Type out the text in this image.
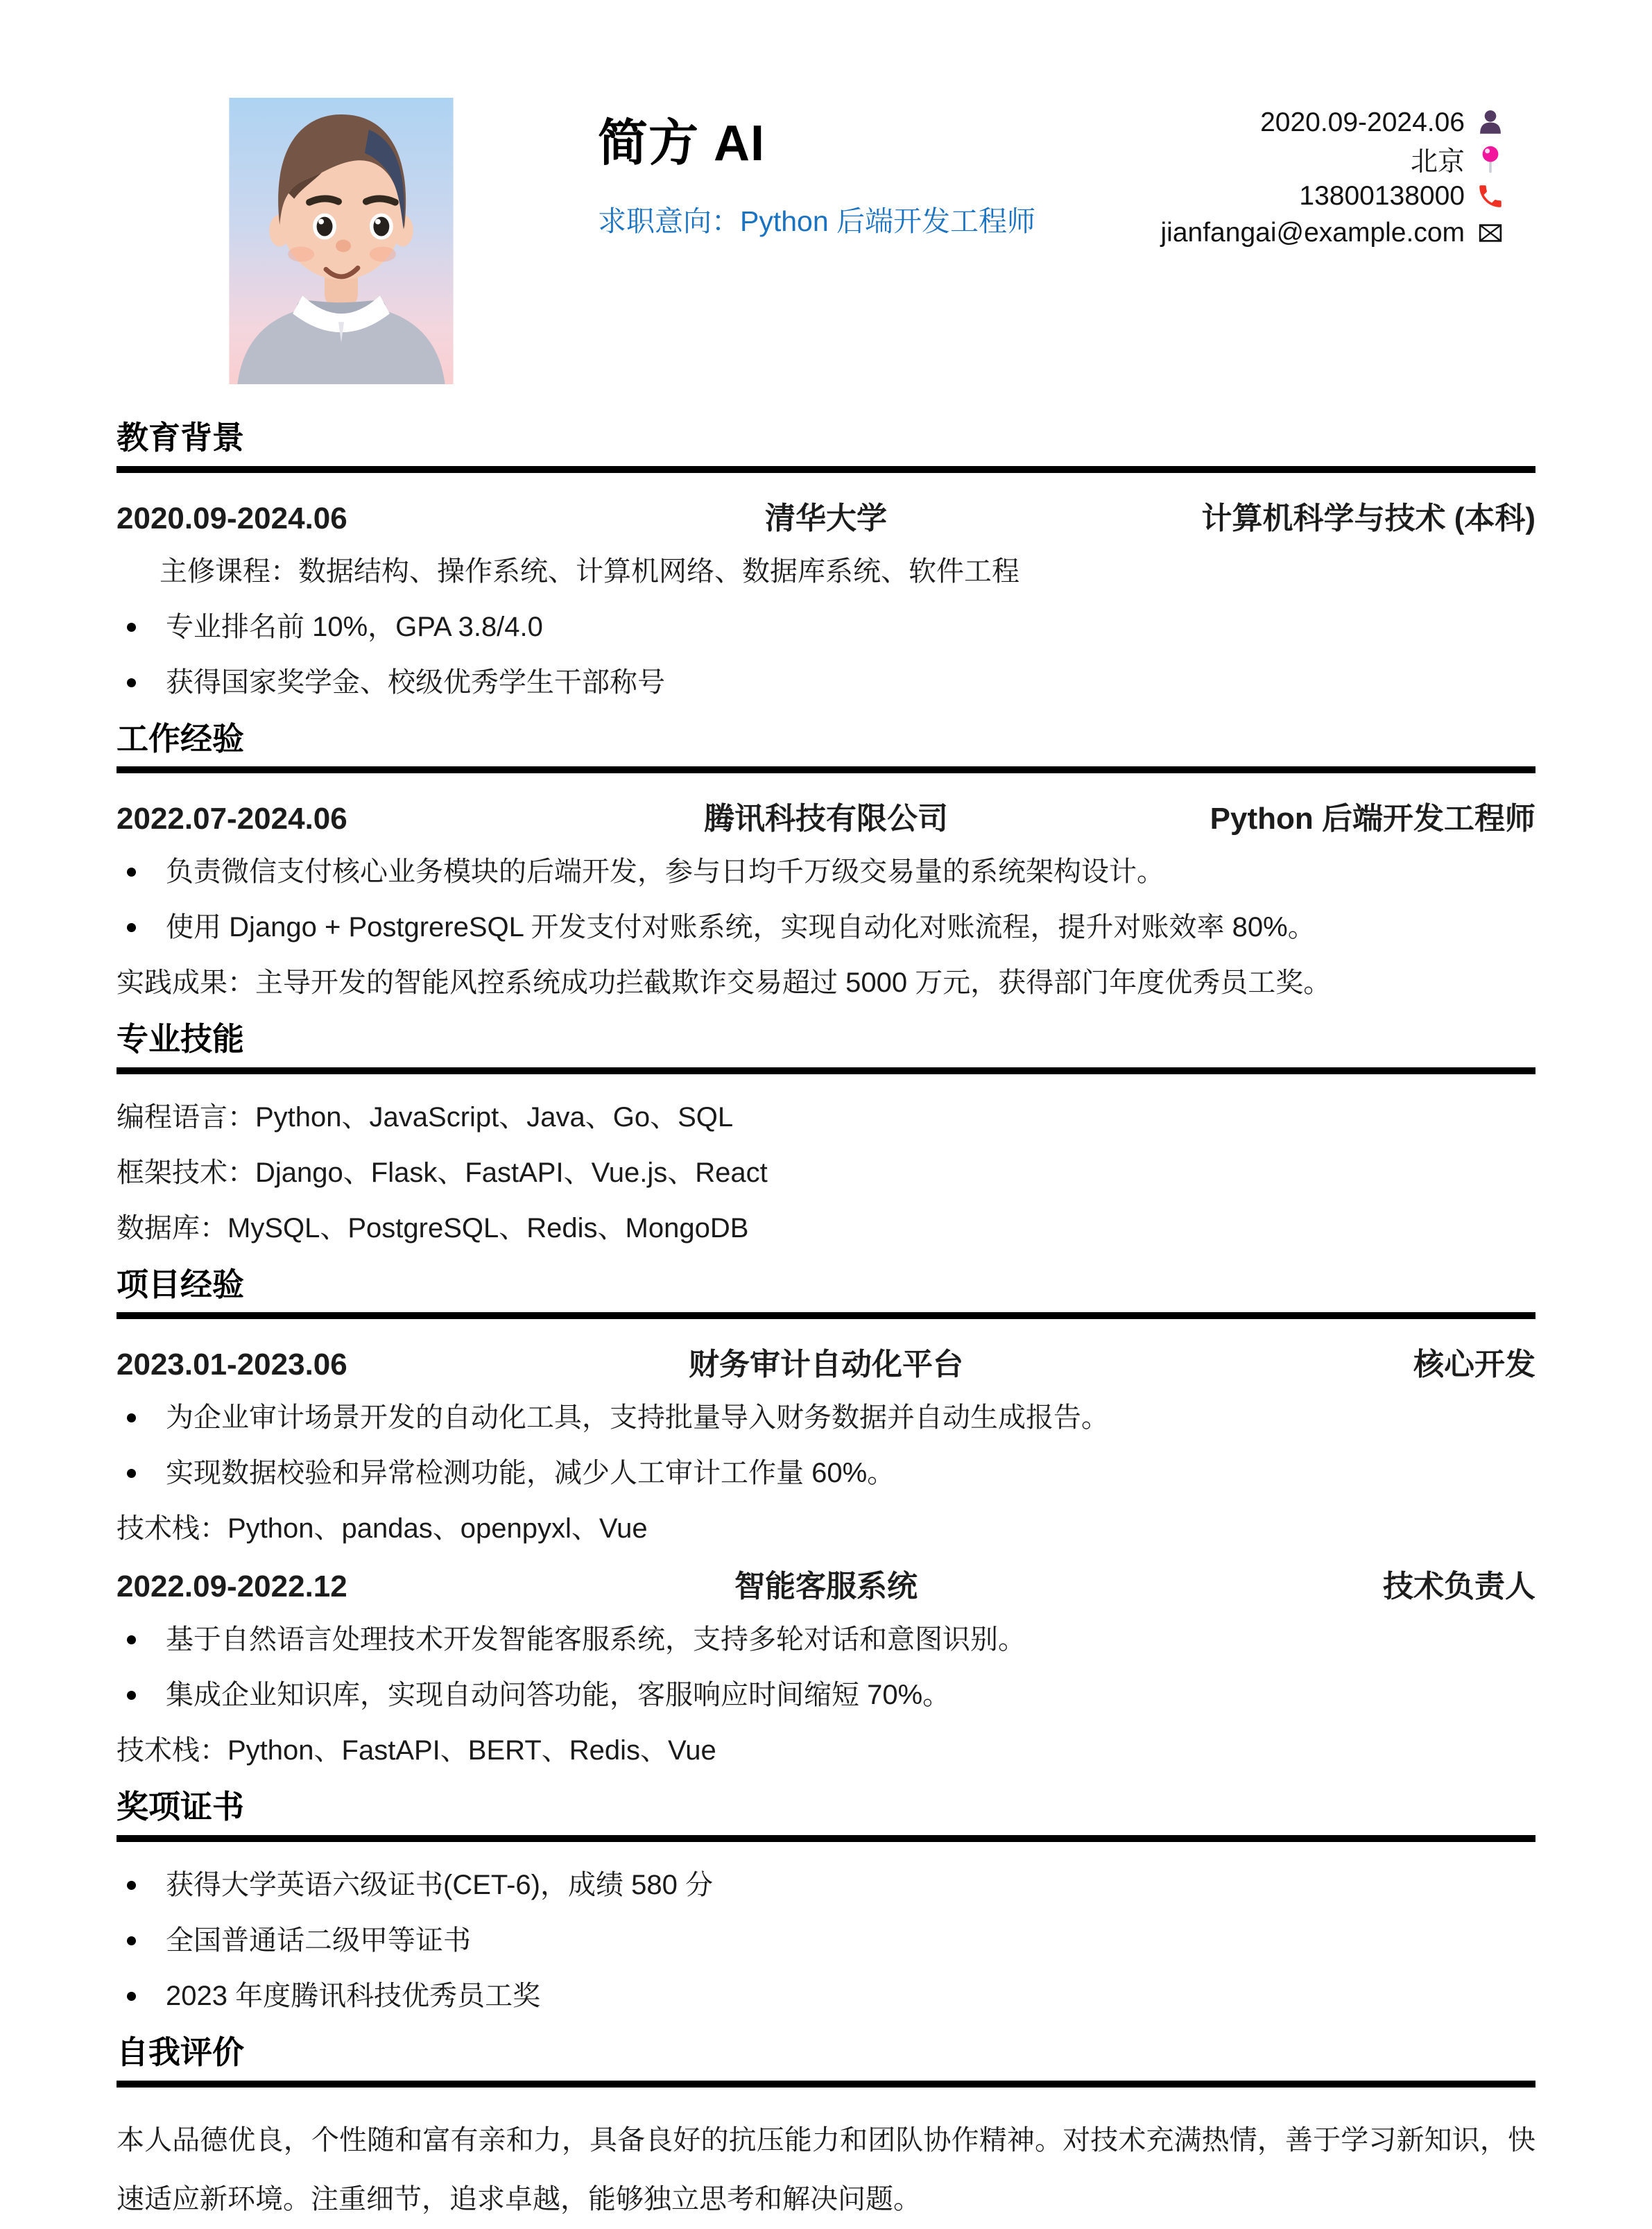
简方 AI
求职意向：Python 后端开发工程师
2020.09-2024.06
北京
13800138000
jianfangai@example.com
教育背景
2020.09-2024.06	清华大学	计算机科学与技术 (本科)
主修课程：数据结构、操作系统、计算机网络、数据库系统、软件工程
专业排名前 10%，GPA 3.8/4.0
获得国家奖学金、校级优秀学生干部称号
工作经验
2022.07-2024.06	腾讯科技有限公司	Python 后端开发工程师
负责微信支付核心业务模块的后端开发，参与日均千万级交易量的系统架构设计。
使用 Django + PostgrereSQL 开发支付对账系统，实现自动化对账流程，提升对账效率 80%。
实践成果：主导开发的智能风控系统成功拦截欺诈交易超过 5000 万元，获得部门年度优秀员工奖。
专业技能
编程语言：Python、JavaScript、Java、Go、SQL
框架技术：Django、Flask、FastAPI、Vue.js、React
数据库：MySQL、PostgreSQL、Redis、MongoDB
项目经验
2023.01-2023.06	财务审计自动化平台	核心开发
为企业审计场景开发的自动化工具，支持批量导入财务数据并自动生成报告。
实现数据校验和异常检测功能，减少人工审计工作量 60%。
技术栈：Python、pandas、openpyxl、Vue
2022.09-2022.12	智能客服系统	技术负责人
基于自然语言处理技术开发智能客服系统，支持多轮对话和意图识别。
集成企业知识库，实现自动问答功能，客服响应时间缩短 70%。
技术栈：Python、FastAPI、BERT、Redis、Vue
奖项证书
获得大学英语六级证书(CET-6)，成绩 580 分
全国普通话二级甲等证书
2023 年度腾讯科技优秀员工奖
自我评价

本人品德优良，个性随和富有亲和力，具备良好的抗压能力和团队协作精神。对技术充满热情，善于学习新知识，快速适应新环境。注重细节，追求卓越，能够独立思考和解决问题。
